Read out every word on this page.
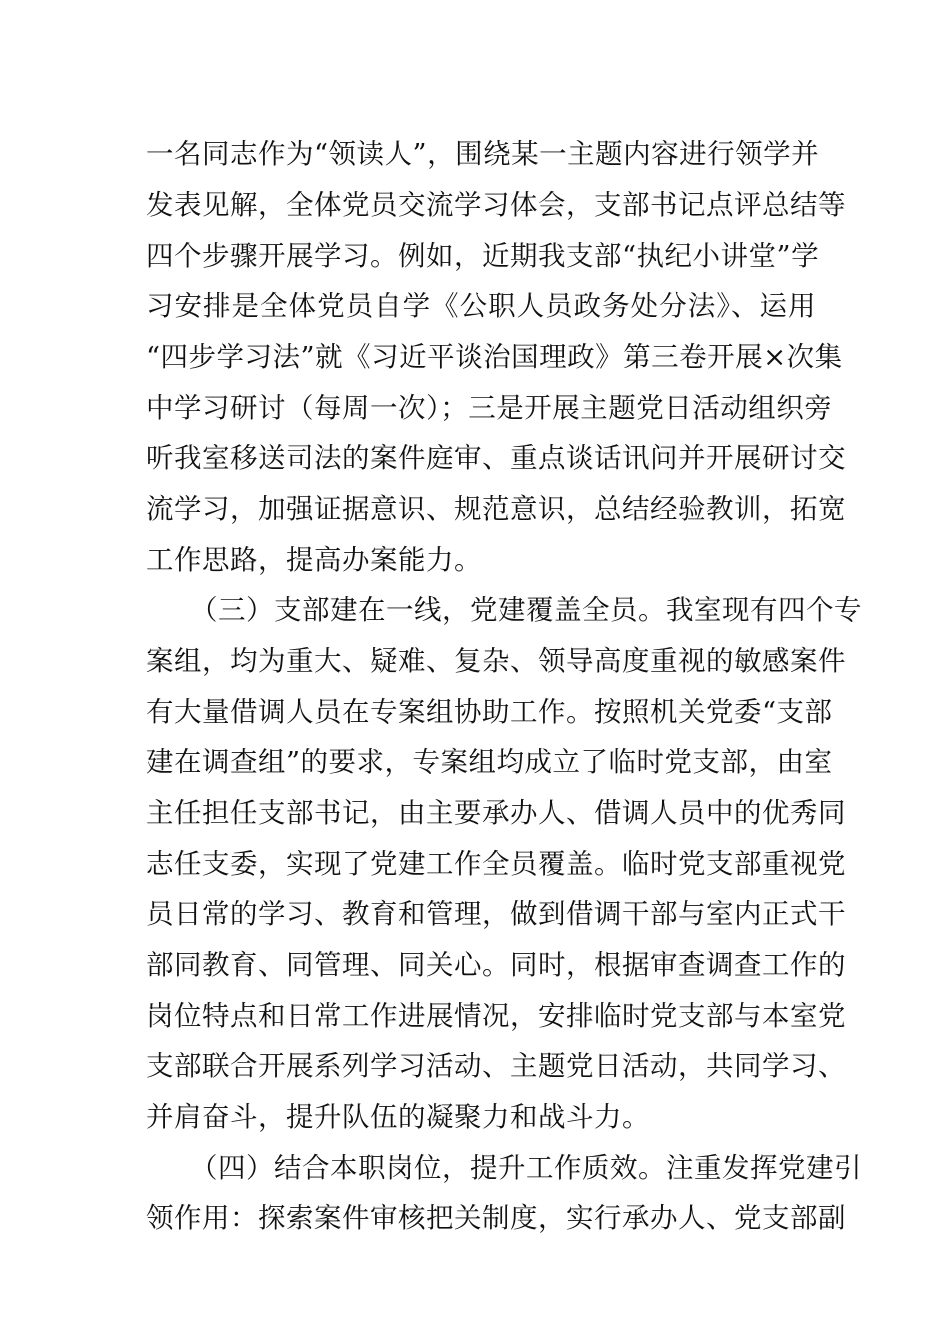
一名同志作为“领读人”，围绕某一主题内容进行领学并
发表见解，全体党员交流学习体会，支部书记点评总结等
四个步骤开展学习。例如，近期我支部“执纪小讲堂”学
习安排是全体党员自学《公职人员政务处分法》、运用
“四步学习法”就《习近平谈治国理政》第三卷开展×次集
中学习研讨（每周一次）；三是开展主题党日活动组织旁
听我室移送司法的案件庭审、重点谈话讯问并开展研讨交
流学习，加强证据意识、规范意识，总结经验教训，拓宽
工作思路，提高办案能力。
（三）支部建在一线，党建覆盖全员。我室现有四个专
案组，均为重大、疑难、复杂、领导高度重视的敏感案件
有大量借调人员在专案组协助工作。按照机关党委“支部
建在调查组”的要求，专案组均成立了临时党支部，由室
主任担任支部书记，由主要承办人、借调人员中的优秀同
志任支委，实现了党建工作全员覆盖。临时党支部重视党
员日常的学习、教育和管理，做到借调干部与室内正式干
部同教育、同管理、同关心。同时，根据审查调查工作的
岗位特点和日常工作进展情况，安排临时党支部与本室党
支部联合开展系列学习活动、主题党日活动，共同学习、
并肩奋斗，提升队伍的凝聚力和战斗力。
（四）结合本职岗位，提升工作质效。注重发挥党建引
领作用：探索案件审核把关制度，实行承办人、党支部副
